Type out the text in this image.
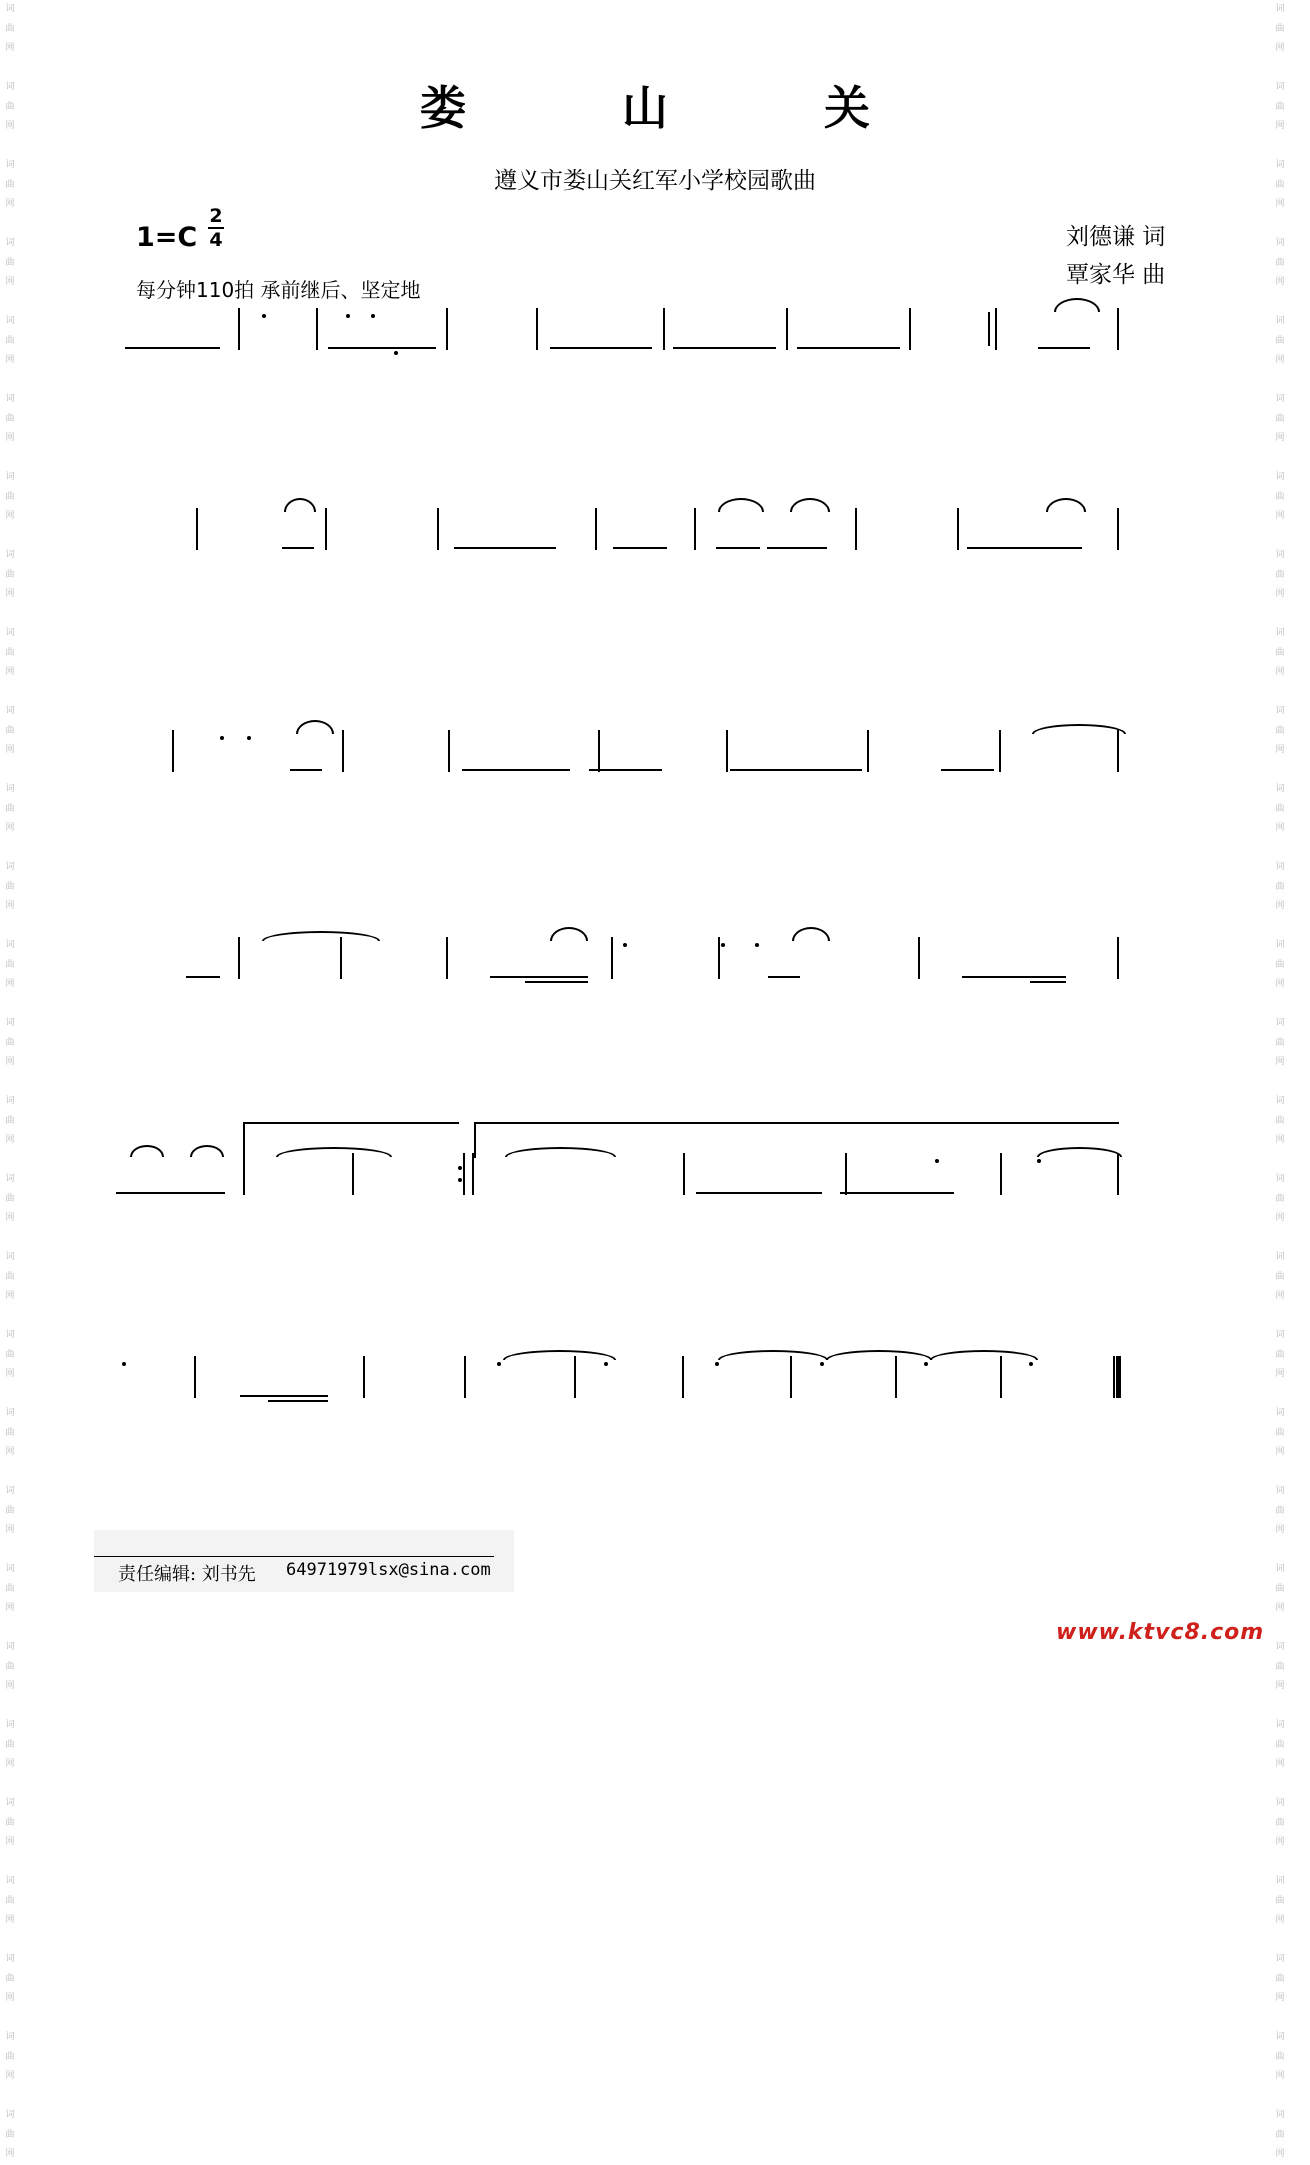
词
曲
网

词
曲
网

词
曲
网

词
曲
网

词
曲
网

词
曲
网

词
曲
网

词
曲
网

词
曲
网

词
曲
网

词
曲
网

词
曲
网

词
曲
网

词
曲
网

词
曲
网

词
曲
网

词
曲
网

词
曲
网

词
曲
网

词
曲
网

词
曲
网

词
曲
网

词
曲
网

词
曲
网

词
曲
网

词
曲
网

词
曲
网

词
曲
网

词
曲
网

词
曲
网

词
曲
网

词
曲
网

词
曲
网

词
曲
网

词
曲
网

词
曲
网

词
曲
网

词
曲
网

词
曲
网

词
曲
网

词
曲
网

词
曲
网

词
曲
网

词
曲
网

词
曲
网

词
曲
网

词
曲
网

词
曲
网

词
曲
网

词
曲
网

词
曲
网

词
曲
网

词
曲
网

词
曲
网

词
曲
网

词
曲
网

娄 山 关
遵义市娄山关红军小学校园歌曲
1=C
2
4
每分钟110拍 承前继后、坚定地
刘德谦 词
覃家华 曲
责任编辑: 刘书先 64971979lsx@sina.com
www.ktvc8.com
